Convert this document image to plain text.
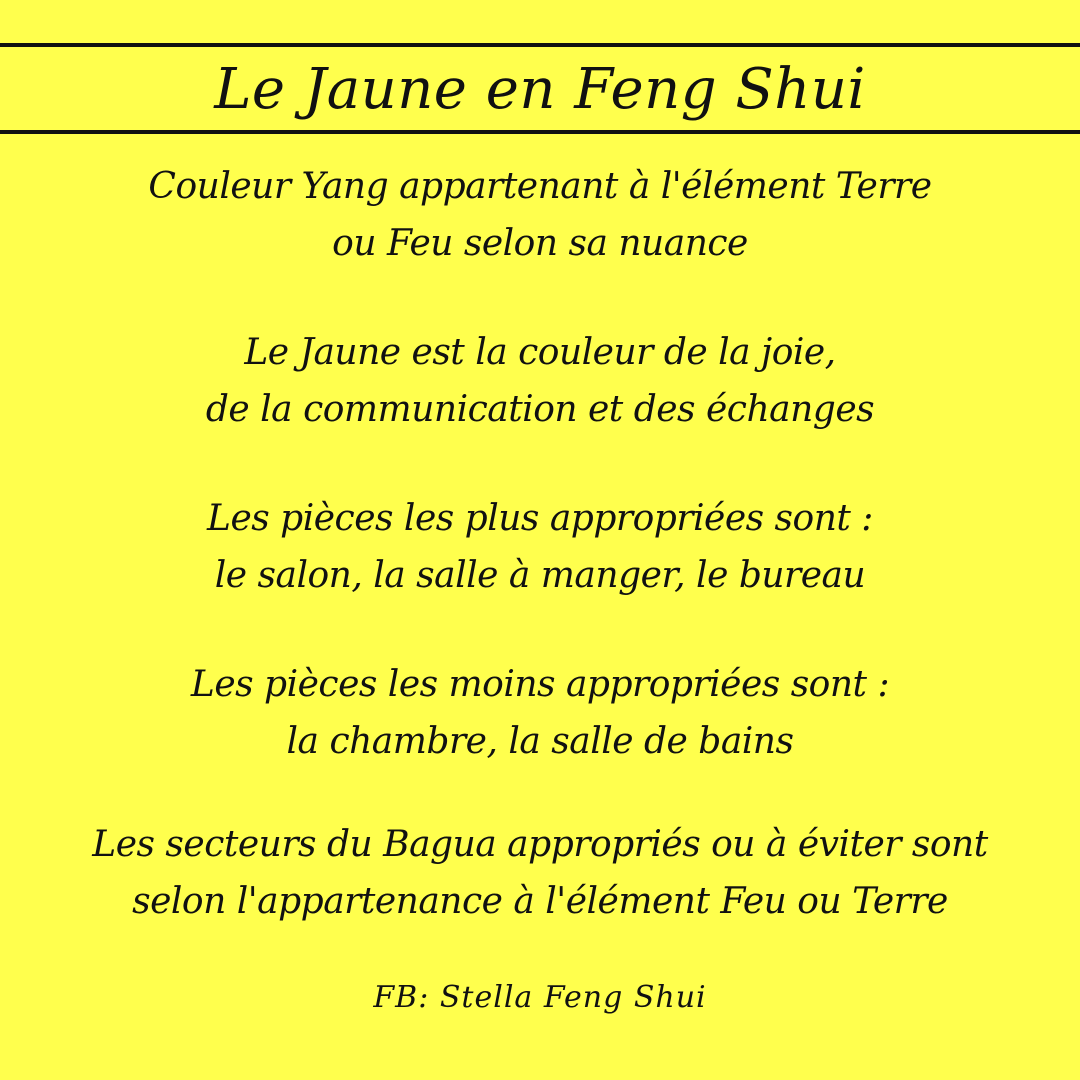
Le Jaune en Feng Shui
Couleur Yang appartenant à l'élément Terre
ou Feu selon sa nuance
Le Jaune est la couleur de la joie,
de la communication et des échanges
Les pièces les plus appropriées sont :
le salon, la salle à manger, le bureau
Les pièces les moins appropriées sont :
la chambre, la salle de bains
Les secteurs du Bagua appropriés ou à éviter sont
selon l'appartenance à l'élément Feu ou Terre
FB: Stella Feng Shui
